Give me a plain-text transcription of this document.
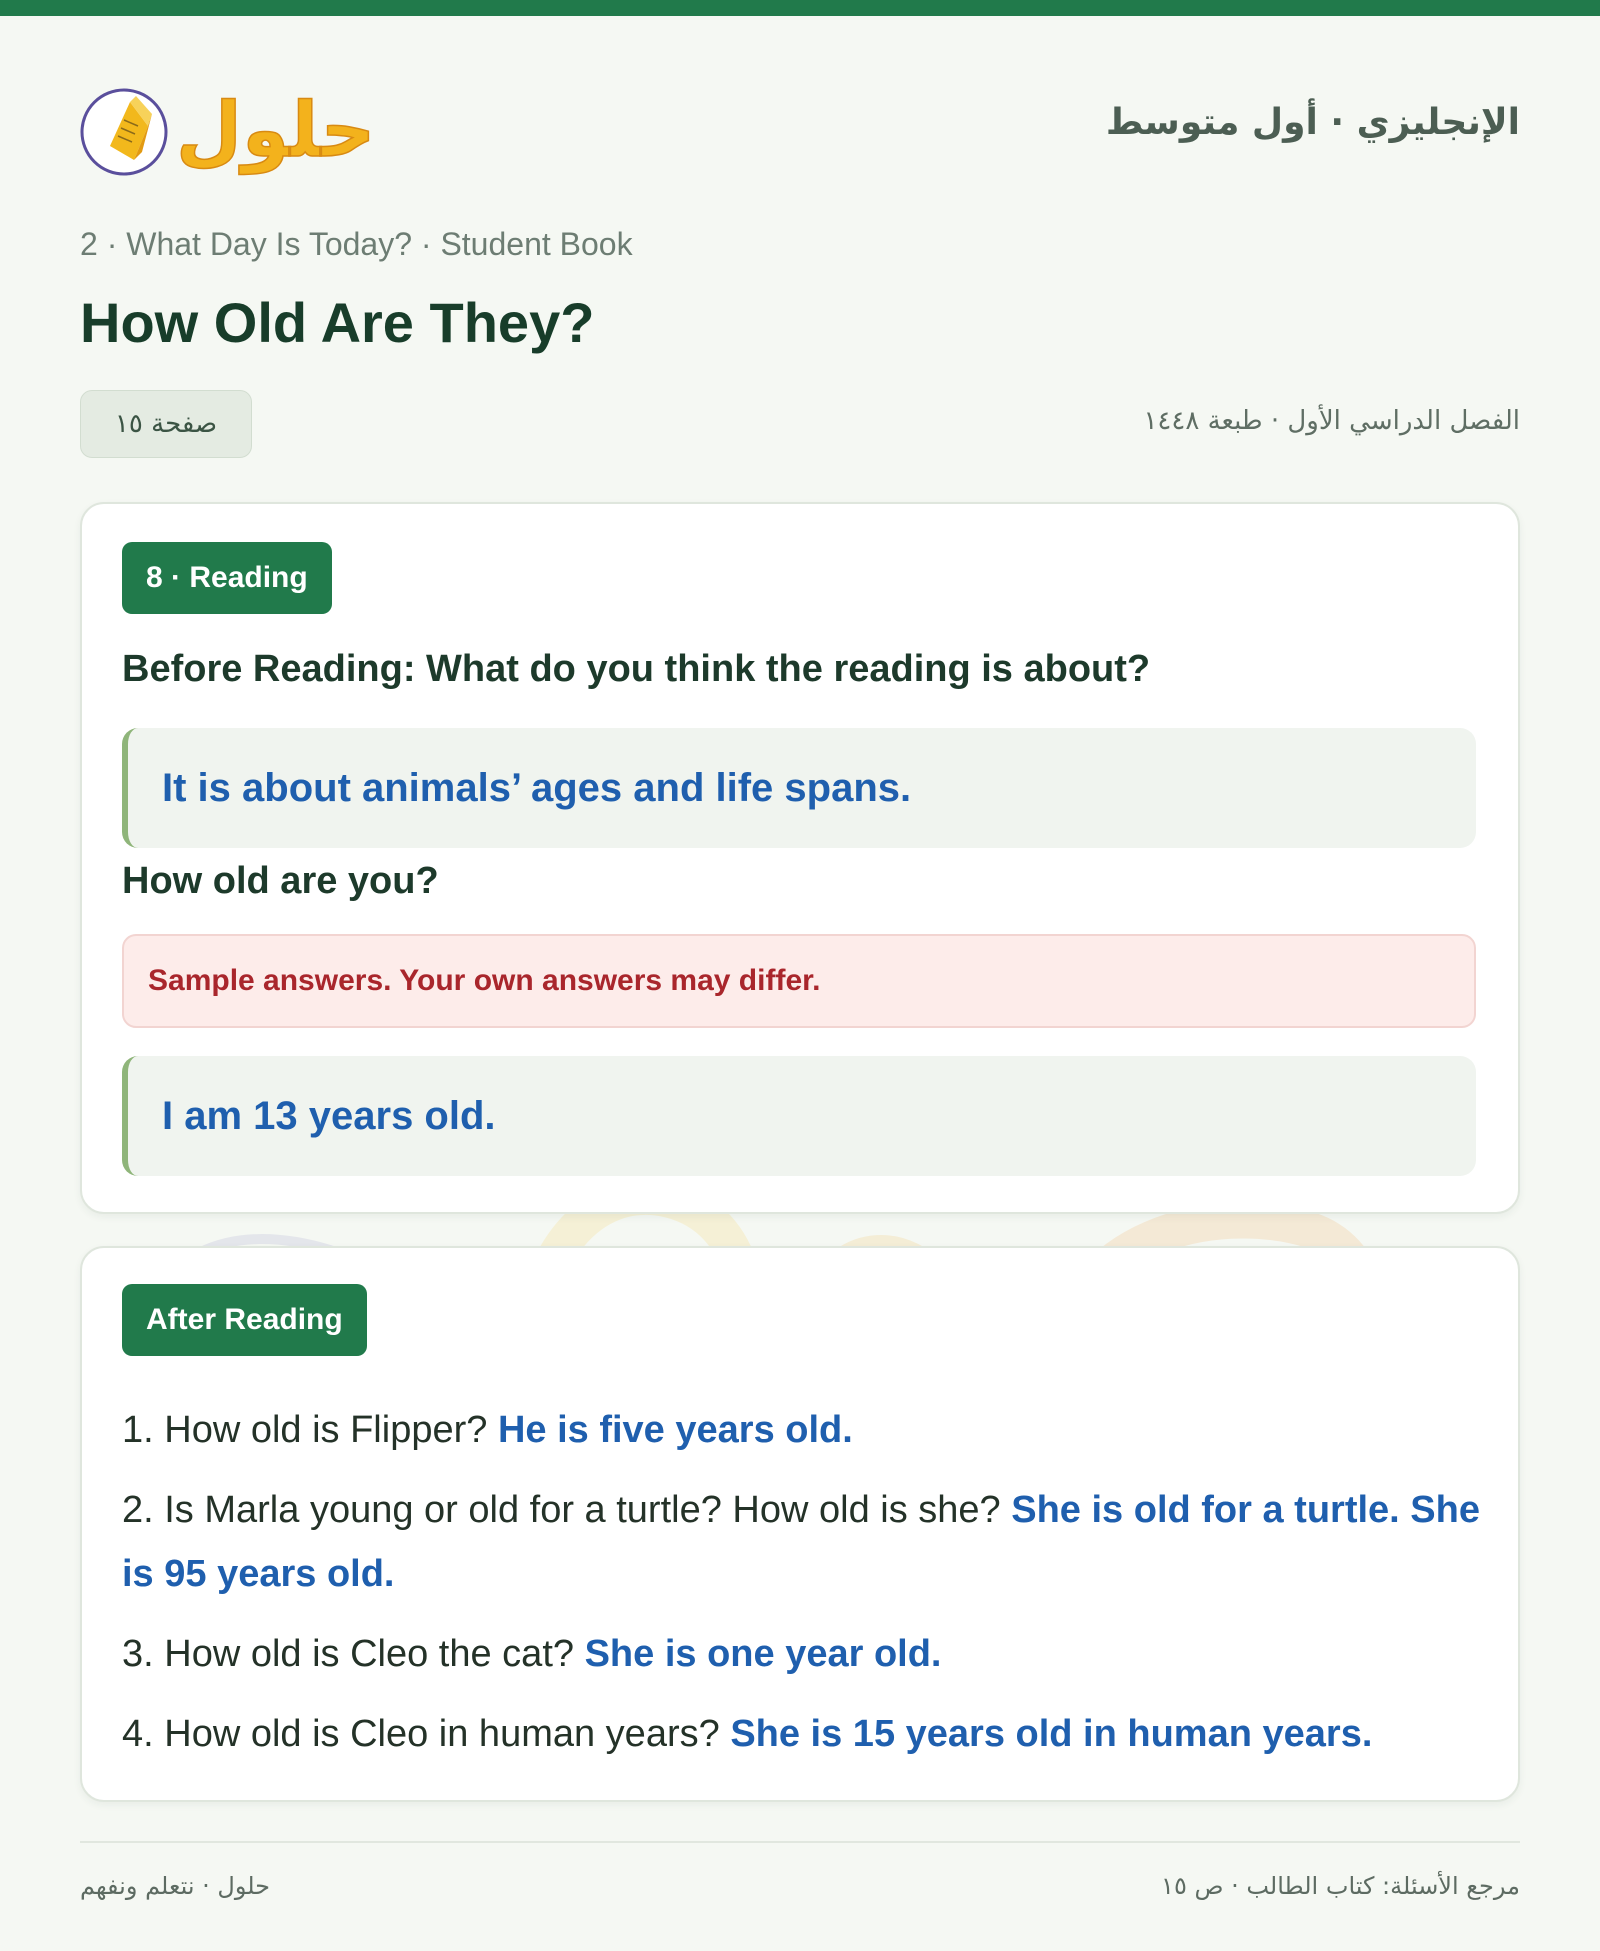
حلول	الإنجليزي · أول متوسط
2 · What Day Is Today? · Student Book
How Old Are They?
صفحة ١٥	الفصل الدراسي الأول · طبعة ١٤٤٨
8 · Reading
Before Reading: What do you think the reading is about?
It is about animals’ ages and life spans.
How old are you?
Sample answers. Your own answers may differ.
I am 13 years old.
After Reading
1. How old is Flipper? He is five years old.
2. Is Marla young or old for a turtle? How old is she? She is old for a turtle. She is 95 years old.
3. How old is Cleo the cat? She is one year old.
4. How old is Cleo in human years? She is 15 years old in human years.
مرجع الأسئلة: كتاب الطالب · ص ١٥
حلول · نتعلم ونفهم
